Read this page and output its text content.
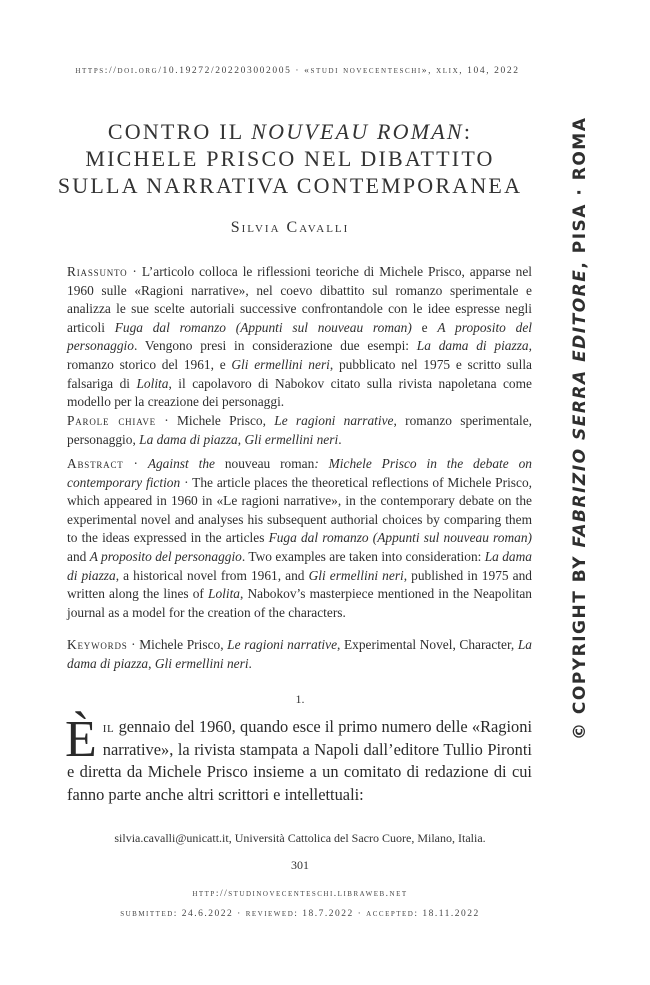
https://doi.org/10.19272/202203002005 · «studi novecenteschi», xlix, 104, 2022
CONTRO IL NOUVEAU ROMAN:
MICHELE PRISCO NEL DIBATTITO
SULLA NARRATIVA CONTEMPORANEA
Silvia Cavalli
Riassunto · L’articolo colloca le riflessioni teoriche di Michele Prisco, apparse nel 1960 sulle «Ragioni narrative», nel coevo dibattito sul romanzo sperimentale e analizza le sue scelte autoriali successive confrontandole con le idee espresse negli articoli Fuga dal romanzo (Appunti sul nouveau roman) e A proposito del personaggio. Vengono presi in considerazione due esempi: La dama di piazza, romanzo storico del 1961, e Gli ermellini neri, pubblicato nel 1975 e scritto sulla falsariga di Lolita, il capolavoro di Nabokov citato sulla rivista napoletana come modello per la creazione dei personaggi.
Parole chiave · Michele Prisco, Le ragioni narrative, romanzo sperimentale, personaggio, La dama di piazza, Gli ermellini neri.
Abstract · Against the nouveau roman: Michele Prisco in the debate on contemporary fiction · The article places the theoretical reflections of Michele Prisco, which appeared in 1960 in «Le ragioni narrative», in the contemporary debate on the experimental novel and analyses his subsequent authorial choices by comparing them to the ideas expressed in the articles Fuga dal romanzo (Appunti sul nouveau roman) and A proposito del personaggio. Two examples are taken into consideration: La dama di piazza, a historical novel from 1961, and Gli ermellini neri, published in 1975 and written along the lines of Lolita, Nabokov’s masterpiece mentioned in the Neapolitan journal as a model for the creation of the characters.
Keywords · Michele Prisco, Le ragioni narrative, Experimental Novel, Character, La dama di piazza, Gli ermellini neri.
1.
Èil gennaio del 1960, quando esce il primo numero delle «Ragioni narrative», la rivista stampata a Napoli dall’editore Tullio Pironti e diretta da Michele Prisco insieme a un comitato di redazione di cui fanno parte anche altri scrittori e intellettuali:
silvia.cavalli@unicatt.it, Università Cattolica del Sacro Cuore, Milano, Italia.
301
http://studinovecenteschi.libraweb.net
submitted: 24.6.2022 · reviewed: 18.7.2022 · accepted: 18.11.2022
© COPYRIGHT BY FABRIZIO SERRA EDITORE, PISA · ROMA
